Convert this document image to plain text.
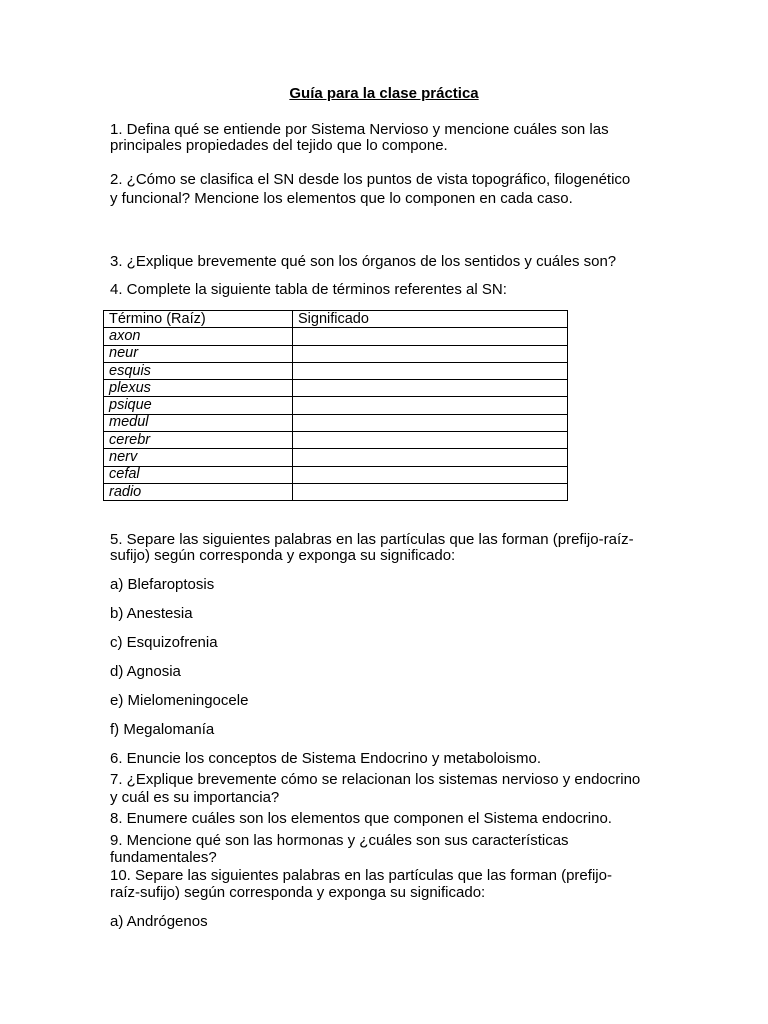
Guía para la clase práctica

1. Defina qué se entiende por Sistema Nervioso y mencione cuáles son las

principales propiedades del tejido que lo compone.

2. ¿Cómo se clasifica el SN desde los puntos de vista topográfico, filogenético

y funcional? Mencione los elementos que lo componen en cada caso.

3. ¿Explique brevemente qué son los órganos de los sentidos y cuáles son?

4. Complete la siguiente tabla de términos referentes al SN:

Término (Raíz)	Significado
axon	
neur	
esquis	
plexus	
psique	
medul	
cerebr	
nerv	
cefal	
radio	

5. Separe las siguientes palabras en las partículas que las forman (prefijo-raíz-

sufijo) según corresponda y exponga su significado:

a) Blefaroptosis

b) Anestesia

c) Esquizofrenia

d) Agnosia

e) Mielomeningocele

f) Megalomanía

6. Enuncie los conceptos de Sistema Endocrino y metaboloismo.

7. ¿Explique brevemente cómo se relacionan los sistemas nervioso y endocrino

y cuál es su importancia?

8. Enumere cuáles son los elementos que componen el Sistema endocrino.

9. Mencione qué son las hormonas y ¿cuáles son sus características

fundamentales?

10. Separe las siguientes palabras en las partículas que las forman (prefijo-

raíz-sufijo) según corresponda y exponga su significado:

a) Andrógenos
